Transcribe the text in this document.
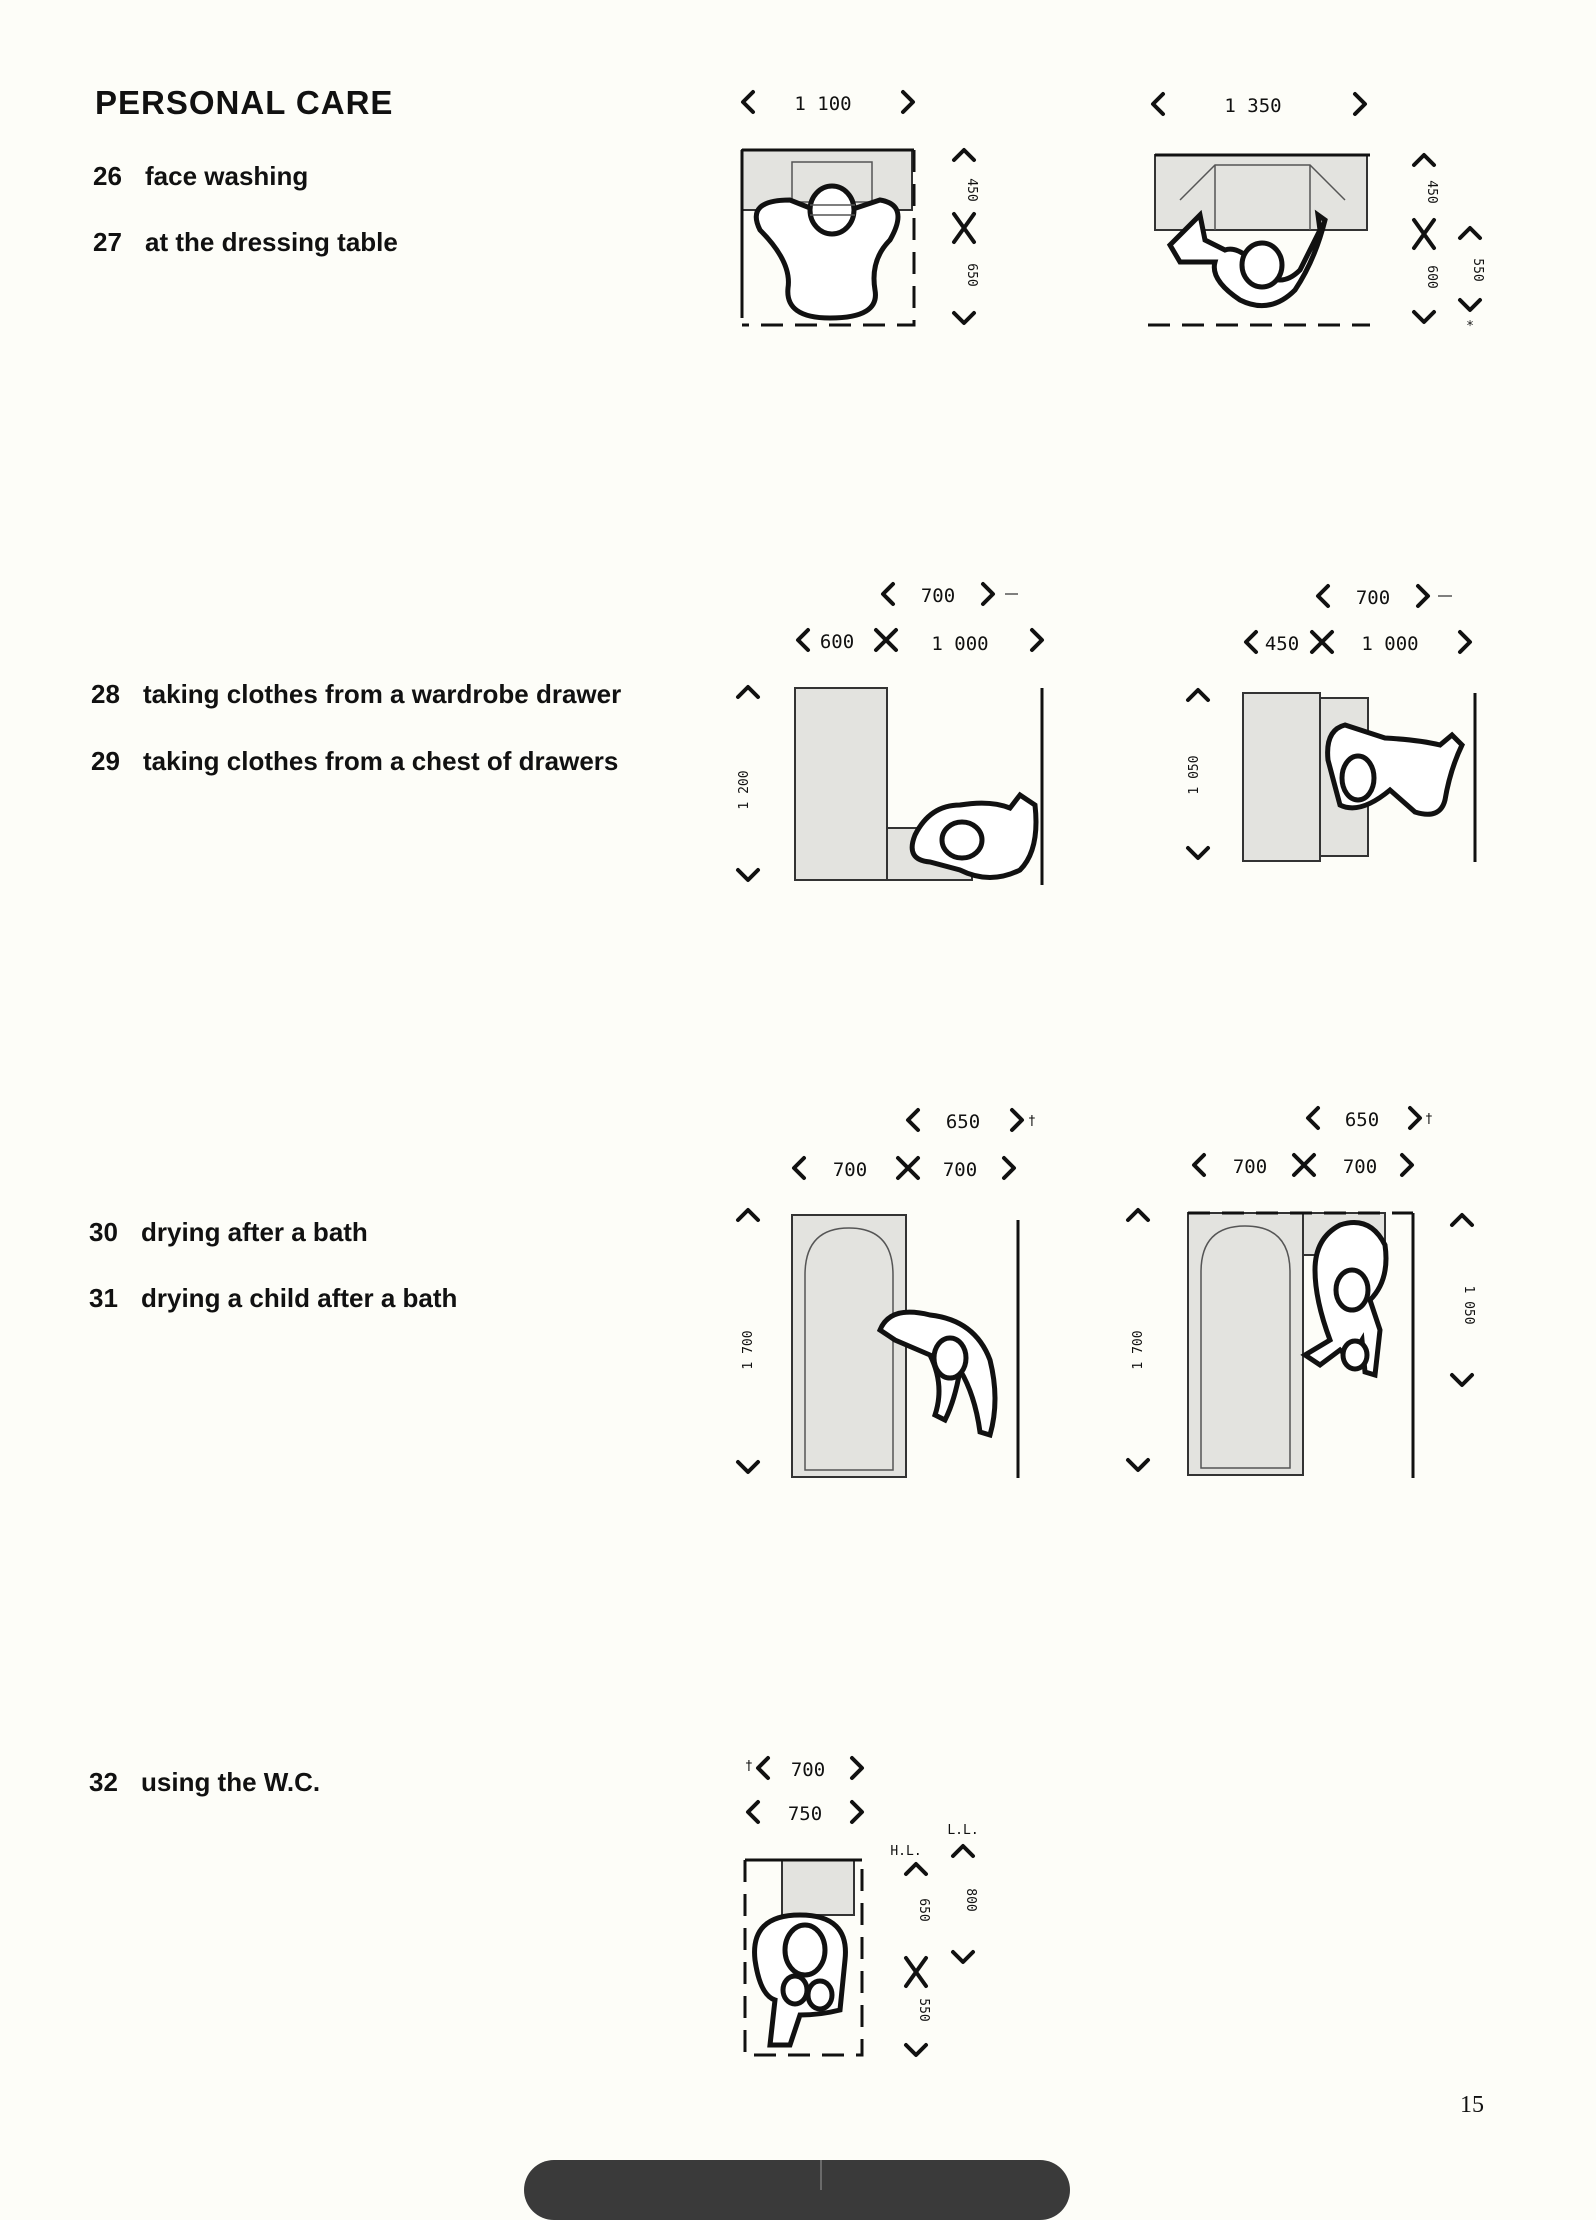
PERSONAL CARE
26 face washing
27 at the dressing table
28 taking clothes from a wardrobe drawer
29 taking clothes from a chest of drawers
30 drying after a bath
31 drying a child after a bath
32 using the W.C.
1 100
450
650
1 350
450
600 550
*
700
600	1 000
1 200
700
450	1 000
1 050
650	†
700	700
1 700
650	†
700	700
1 700
1 050
† 700
750
H.L.
650
550
L.L.
800
15
